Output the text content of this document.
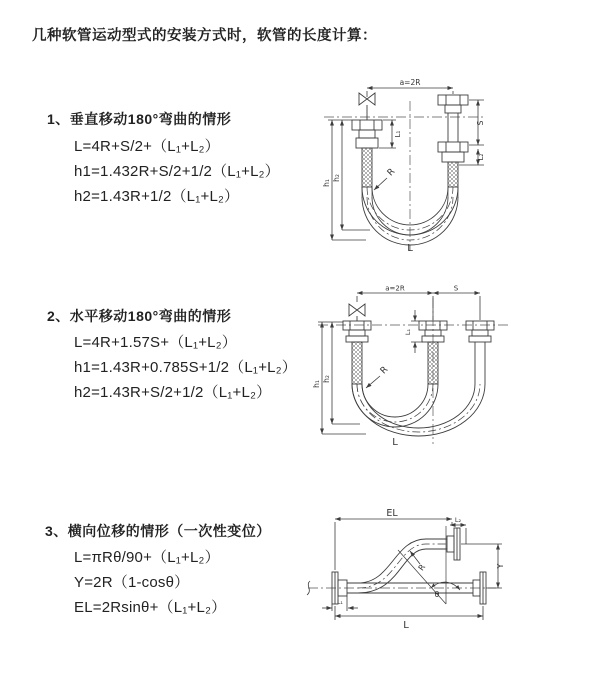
几种软管运动型式的安装方式时，软管的长度计算：
1、垂直移动180°弯曲的情形
L=4R+S/2+（L₁+L₂）
h1=1.432R+S/2+1/2（L₁+L₂）
h2=1.43R+1/2（L₁+L₂）
2、水平移动180°弯曲的情形
L=4R+1.57S+（L₁+L₂）
h1=1.43R+0.785S+1/2（L₁+L₂）
h2=1.43R+S/2+1/2（L₁+L₂）
3、横向位移的情形（一次性变位）
L=πRθ/90+（L₁+L₂）
Y=2R（1-cosθ）
EL=2Rsinθ+（L₁+L₂）
a=2R
h₁
h₂
L₁
S
L₂
R
L
a=2R	S
h₁
h₂
L₁
R
L
EL
L₂
Y
R
θ
L
L₁
